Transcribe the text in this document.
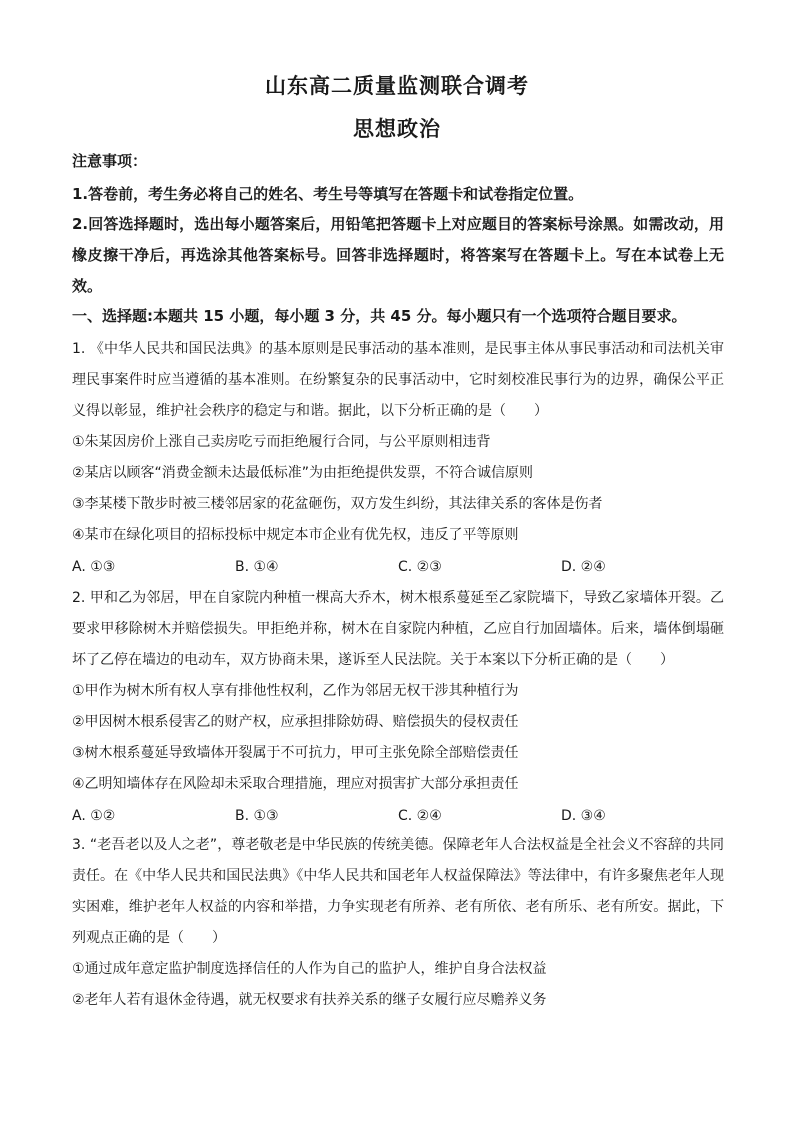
山东高二质量监测联合调考
思想政治
注意事项：
1.答卷前，考生务必将自己的姓名、考生号等填写在答题卡和试卷指定位置。
2.回答选择题时，选出每小题答案后，用铅笔把答题卡上对应题目的答案标号涂黑。如需改动，用橡皮擦干净后，再选涂其他答案标号。回答非选择题时，将答案写在答题卡上。写在本试卷上无效。
一、选择题:本题共 15 小题，每小题 3 分，共 45 分。每小题只有一个选项符合题目要求。
1. 《中华人民共和国民法典》的基本原则是民事活动的基本准则，是民事主体从事民事活动和司法机关审理民事案件时应当遵循的基本准则。在纷繁复杂的民事活动中，它时刻校准民事行为的边界，确保公平正义得以彰显，维护社会秩序的稳定与和谐。据此，以下分析正确的是（　　）
①朱某因房价上涨自己卖房吃亏而拒绝履行合同，与公平原则相违背
②某店以顾客“消费金额未达最低标准”为由拒绝提供发票，不符合诚信原则
③李某楼下散步时被三楼邻居家的花盆砸伤，双方发生纠纷，其法律关系的客体是伤者
④某市在绿化项目的招标投标中规定本市企业有优先权，违反了平等原则
A. ①③	B. ①④	C. ②③	D. ②④
2. 甲和乙为邻居，甲在自家院内种植一棵高大乔木，树木根系蔓延至乙家院墙下，导致乙家墙体开裂。乙要求甲移除树木并赔偿损失。甲拒绝并称，树木在自家院内种植，乙应自行加固墙体。后来，墙体倒塌砸坏了乙停在墙边的电动车，双方协商未果，遂诉至人民法院。关于本案以下分析正确的是（　　）
①甲作为树木所有权人享有排他性权利，乙作为邻居无权干涉其种植行为
②甲因树木根系侵害乙的财产权，应承担排除妨碍、赔偿损失的侵权责任
③树木根系蔓延导致墙体开裂属于不可抗力，甲可主张免除全部赔偿责任
④乙明知墙体存在风险却未采取合理措施，理应对损害扩大部分承担责任
A. ①②	B. ①③	C. ②④	D. ③④
3. “老吾老以及人之老”，尊老敬老是中华民族的传统美德。保障老年人合法权益是全社会义不容辞的共同责任。在《中华人民共和国民法典》《中华人民共和国老年人权益保障法》等法律中，有许多聚焦老年人现实困难，维护老年人权益的内容和举措，力争实现老有所养、老有所依、老有所乐、老有所安。据此，下列观点正确的是（　　）
①通过成年意定监护制度选择信任的人作为自己的监护人，维护自身合法权益
②老年人若有退休金待遇，就无权要求有扶养关系的继子女履行应尽赡养义务
